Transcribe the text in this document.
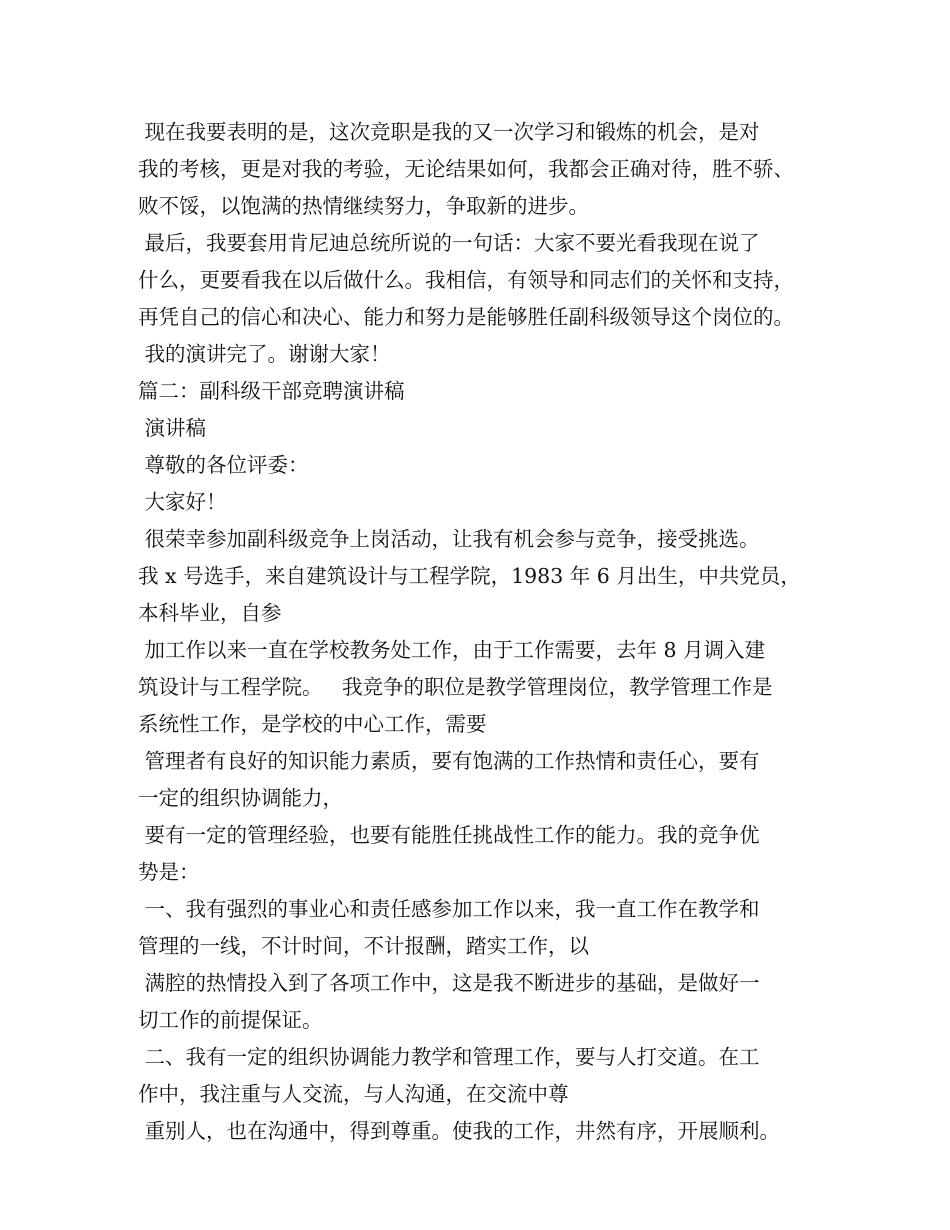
现在我要表明的是，这次竞职是我的又一次学习和锻炼的机会，是对
我的考核，更是对我的考验，无论结果如何，我都会正确对待，胜不骄、
败不馁，以饱满的热情继续努力，争取新的进步。
最后，我要套用肯尼迪总统所说的一句话：大家不要光看我现在说了
什么，更要看我在以后做什么。我相信，有领导和同志们的关怀和支持，
再凭自己的信心和决心、能力和努力是能够胜任副科级领导这个岗位的。
我的演讲完了。谢谢大家！
篇二：副科级干部竞聘演讲稿
演讲稿
尊敬的各位评委：
大家好！
很荣幸参加副科级竞争上岗活动，让我有机会参与竞争，接受挑选。
我 x 号选手，来自建筑设计与工程学院，1983 年 6 月出生，中共党员，
本科毕业，自参
加工作以来一直在学校教务处工作，由于工作需要，去年 8 月调入建
筑设计与工程学院。   我竞争的职位是教学管理岗位，教学管理工作是
系统性工作，是学校的中心工作，需要
管理者有良好的知识能力素质，要有饱满的工作热情和责任心，要有
一定的组织协调能力，
要有一定的管理经验，也要有能胜任挑战性工作的能力。我的竞争优
势是：
一、我有强烈的事业心和责任感参加工作以来，我一直工作在教学和
管理的一线，不计时间，不计报酬，踏实工作，以
满腔的热情投入到了各项工作中，这是我不断进步的基础，是做好一
切工作的前提保证。
二、我有一定的组织协调能力教学和管理工作，要与人打交道。在工
作中，我注重与人交流，与人沟通，在交流中尊
重别人，也在沟通中，得到尊重。使我的工作，井然有序，开展顺利。
